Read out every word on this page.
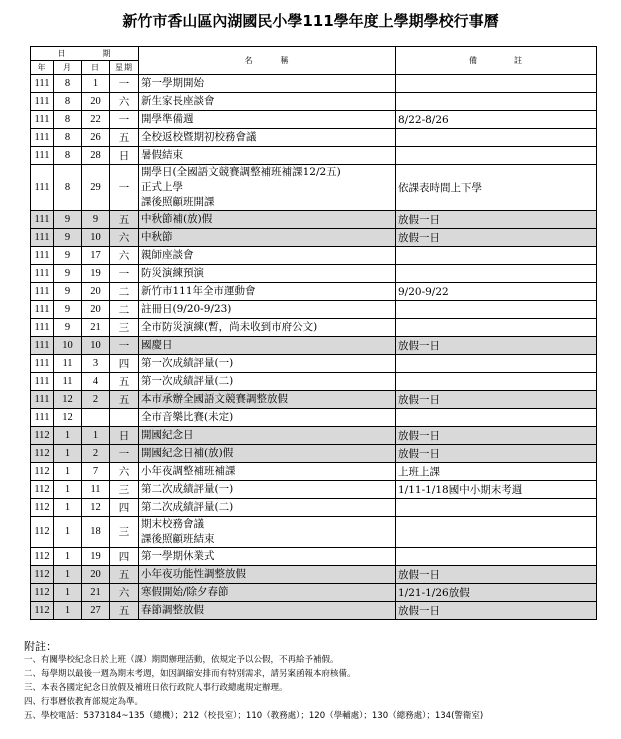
新竹市香山區內湖國民小學111學年度上學期學校行事曆
日　　　　期				名　　　稱	備　　　　註
年	月	日	星期		
111	8	1	一	第一學期開始	

111	8	20	六	新生家長座談會	

111	8	22	一	開學準備週	8/22-8/26
111	8	26	五	全校返校暨期初校務會議	

111	8	28	日	暑假結束	

111	8	29	一	開學日(全國語文競賽調整補班補課12/2五)
正式上學
課後照顧班開課	依課表時間上下學
111	9	9	五	中秋節補(放)假	放假一日
111	9	10	六	中秋節	放假一日
111	9	17	六	親師座談會	

111	9	19	一	防災演練預演	

111	9	20	二	新竹市111年全市運動會	9/20-9/22
111	9	20	二	註冊日(9/20-9/23)	

111	9	21	三	全市防災演練(暫，尚未收到市府公文)	

111	10	10	一	國慶日	放假一日
111	11	3	四	第一次成績評量(一)	

111	11	4	五	第一次成績評量(二)	

111	12	2	五	本市承辦全國語文競賽調整放假	放假一日
111	12			全市音樂比賽(未定)	

112	1	1	日	開國紀念日	放假一日
112	1	2	一	開國紀念日補(放)假	放假一日
112	1	7	六	小年夜調整補班補課	上班上課
112	1	11	三	第二次成績評量(一)	1/11-1/18國中小期末考週
112	1	12	四	第二次成績評量(二)	

112	1	18	三	期末校務會議
課後照顧班結束	

112	1	19	四	第一學期休業式	

112	1	20	五	小年夜功能性調整放假	放假一日
112	1	21	六	寒假開始/除夕春節	1/21-1/26放假
112	1	27	五	春節調整放假	放假一日
附註：
一、有關學校紀念日於上班（課）期間辦理活動，依規定予以公假，不再給予補假。
二、每學期以最後一週為期末考週，如因調縮安排而有特別需求，請另案函報本府核備。
三、本表各國定紀念日放假及補班日依行政院人事行政總處規定辦理。
四、行事曆依教育部規定為準。
五、學校電話：5373184~135（總機）；212（校長室）；110（教務處）；120（學輔處）；130（總務處）；134(警衛室)
